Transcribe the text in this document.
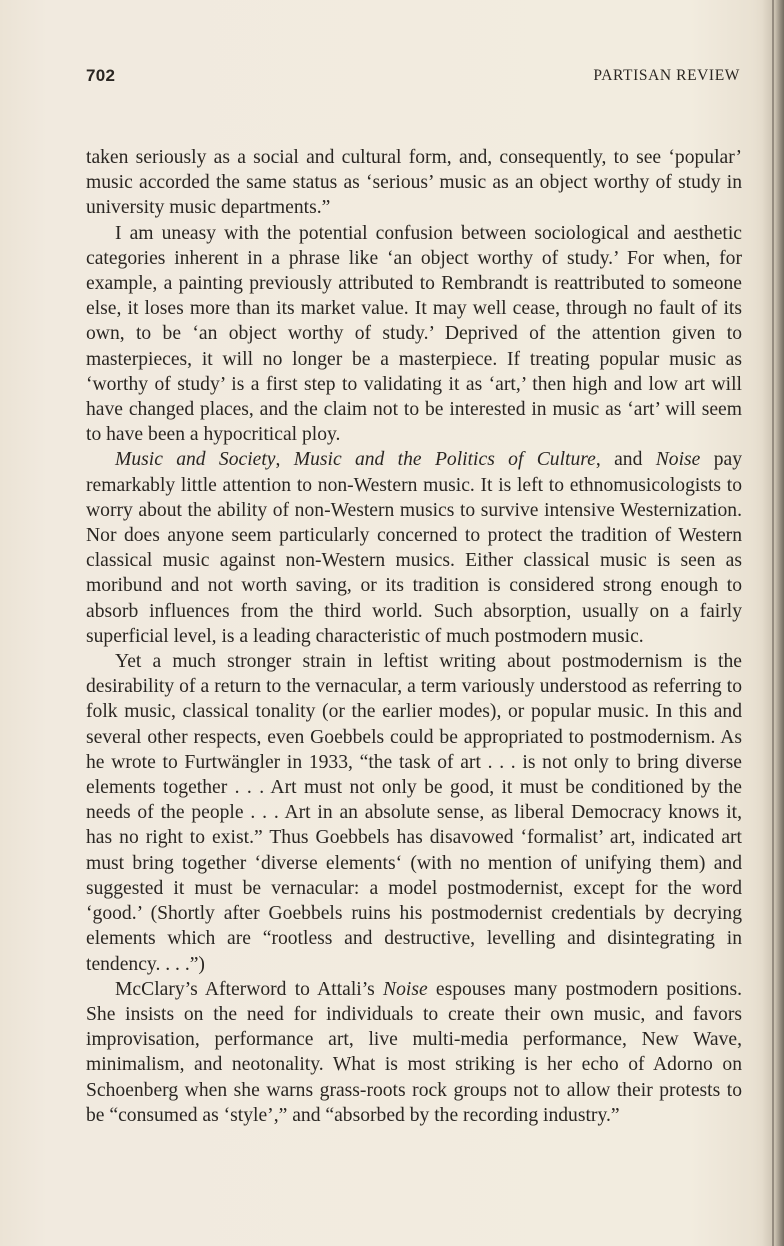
702	PARTISAN REVIEW

taken seriously as a social and cultural form, and, consequently, to see ‘popular’ music accorded the same status as ‘serious’ music as an object worthy of study in university music departments.”

I am uneasy with the potential confusion between sociological and aesthetic categories inherent in a phrase like ‘an object worthy of study.’ For when, for example, a painting previously attributed to Rembrandt is reattributed to someone else, it loses more than its market value. It may well cease, through no fault of its own, to be ‘an object worthy of study.’ Deprived of the attention given to masterpieces, it will no longer be a masterpiece. If treating popular music as ‘worthy of study’ is a first step to validating it as ‘art,’ then high and low art will have changed places, and the claim not to be interested in music as ‘art’ will seem to have been a hypocritical ploy.

Music and Society, Music and the Politics of Culture, and Noise pay remarkably little attention to non-Western music. It is left to ethnomusicologists to worry about the ability of non-Western musics to survive intensive Westernization. Nor does anyone seem particularly concerned to protect the tradition of Western classical music against non-Western musics. Either classical music is seen as moribund and not worth saving, or its tradition is considered strong enough to absorb influences from the third world. Such absorption, usually on a fairly superficial level, is a leading characteristic of much postmodern music.

Yet a much stronger strain in leftist writing about postmodernism is the desirability of a return to the vernacular, a term variously understood as referring to folk music, classical tonality (or the earlier modes), or popular music. In this and several other respects, even Goebbels could be appropriated to postmodernism. As he wrote to Furtwängler in 1933, “the task of art . . . is not only to bring diverse elements together . . . Art must not only be good, it must be conditioned by the needs of the people . . . Art in an absolute sense, as liberal Democracy knows it, has no right to exist.” Thus Goebbels has disavowed ‘formalist’ art, indicated art must bring together ‘diverse elements‘ (with no mention of unifying them) and suggested it must be vernacular: a model postmodernist, except for the word ‘good.’ (Shortly after Goebbels ruins his postmodernist credentials by decrying elements which are “rootless and destructive, levelling and disintegrating in tendency. . . .”)

McClary’s Afterword to Attali’s Noise espouses many postmodern positions. She insists on the need for individuals to create their own music, and favors improvisation, performance art, live multi-media performance, New Wave, minimalism, and neotonality. What is most striking is her echo of Adorno on Schoenberg when she warns grass-roots rock groups not to allow their protests to be “consumed as ‘style’,” and “absorbed by the recording industry.”
